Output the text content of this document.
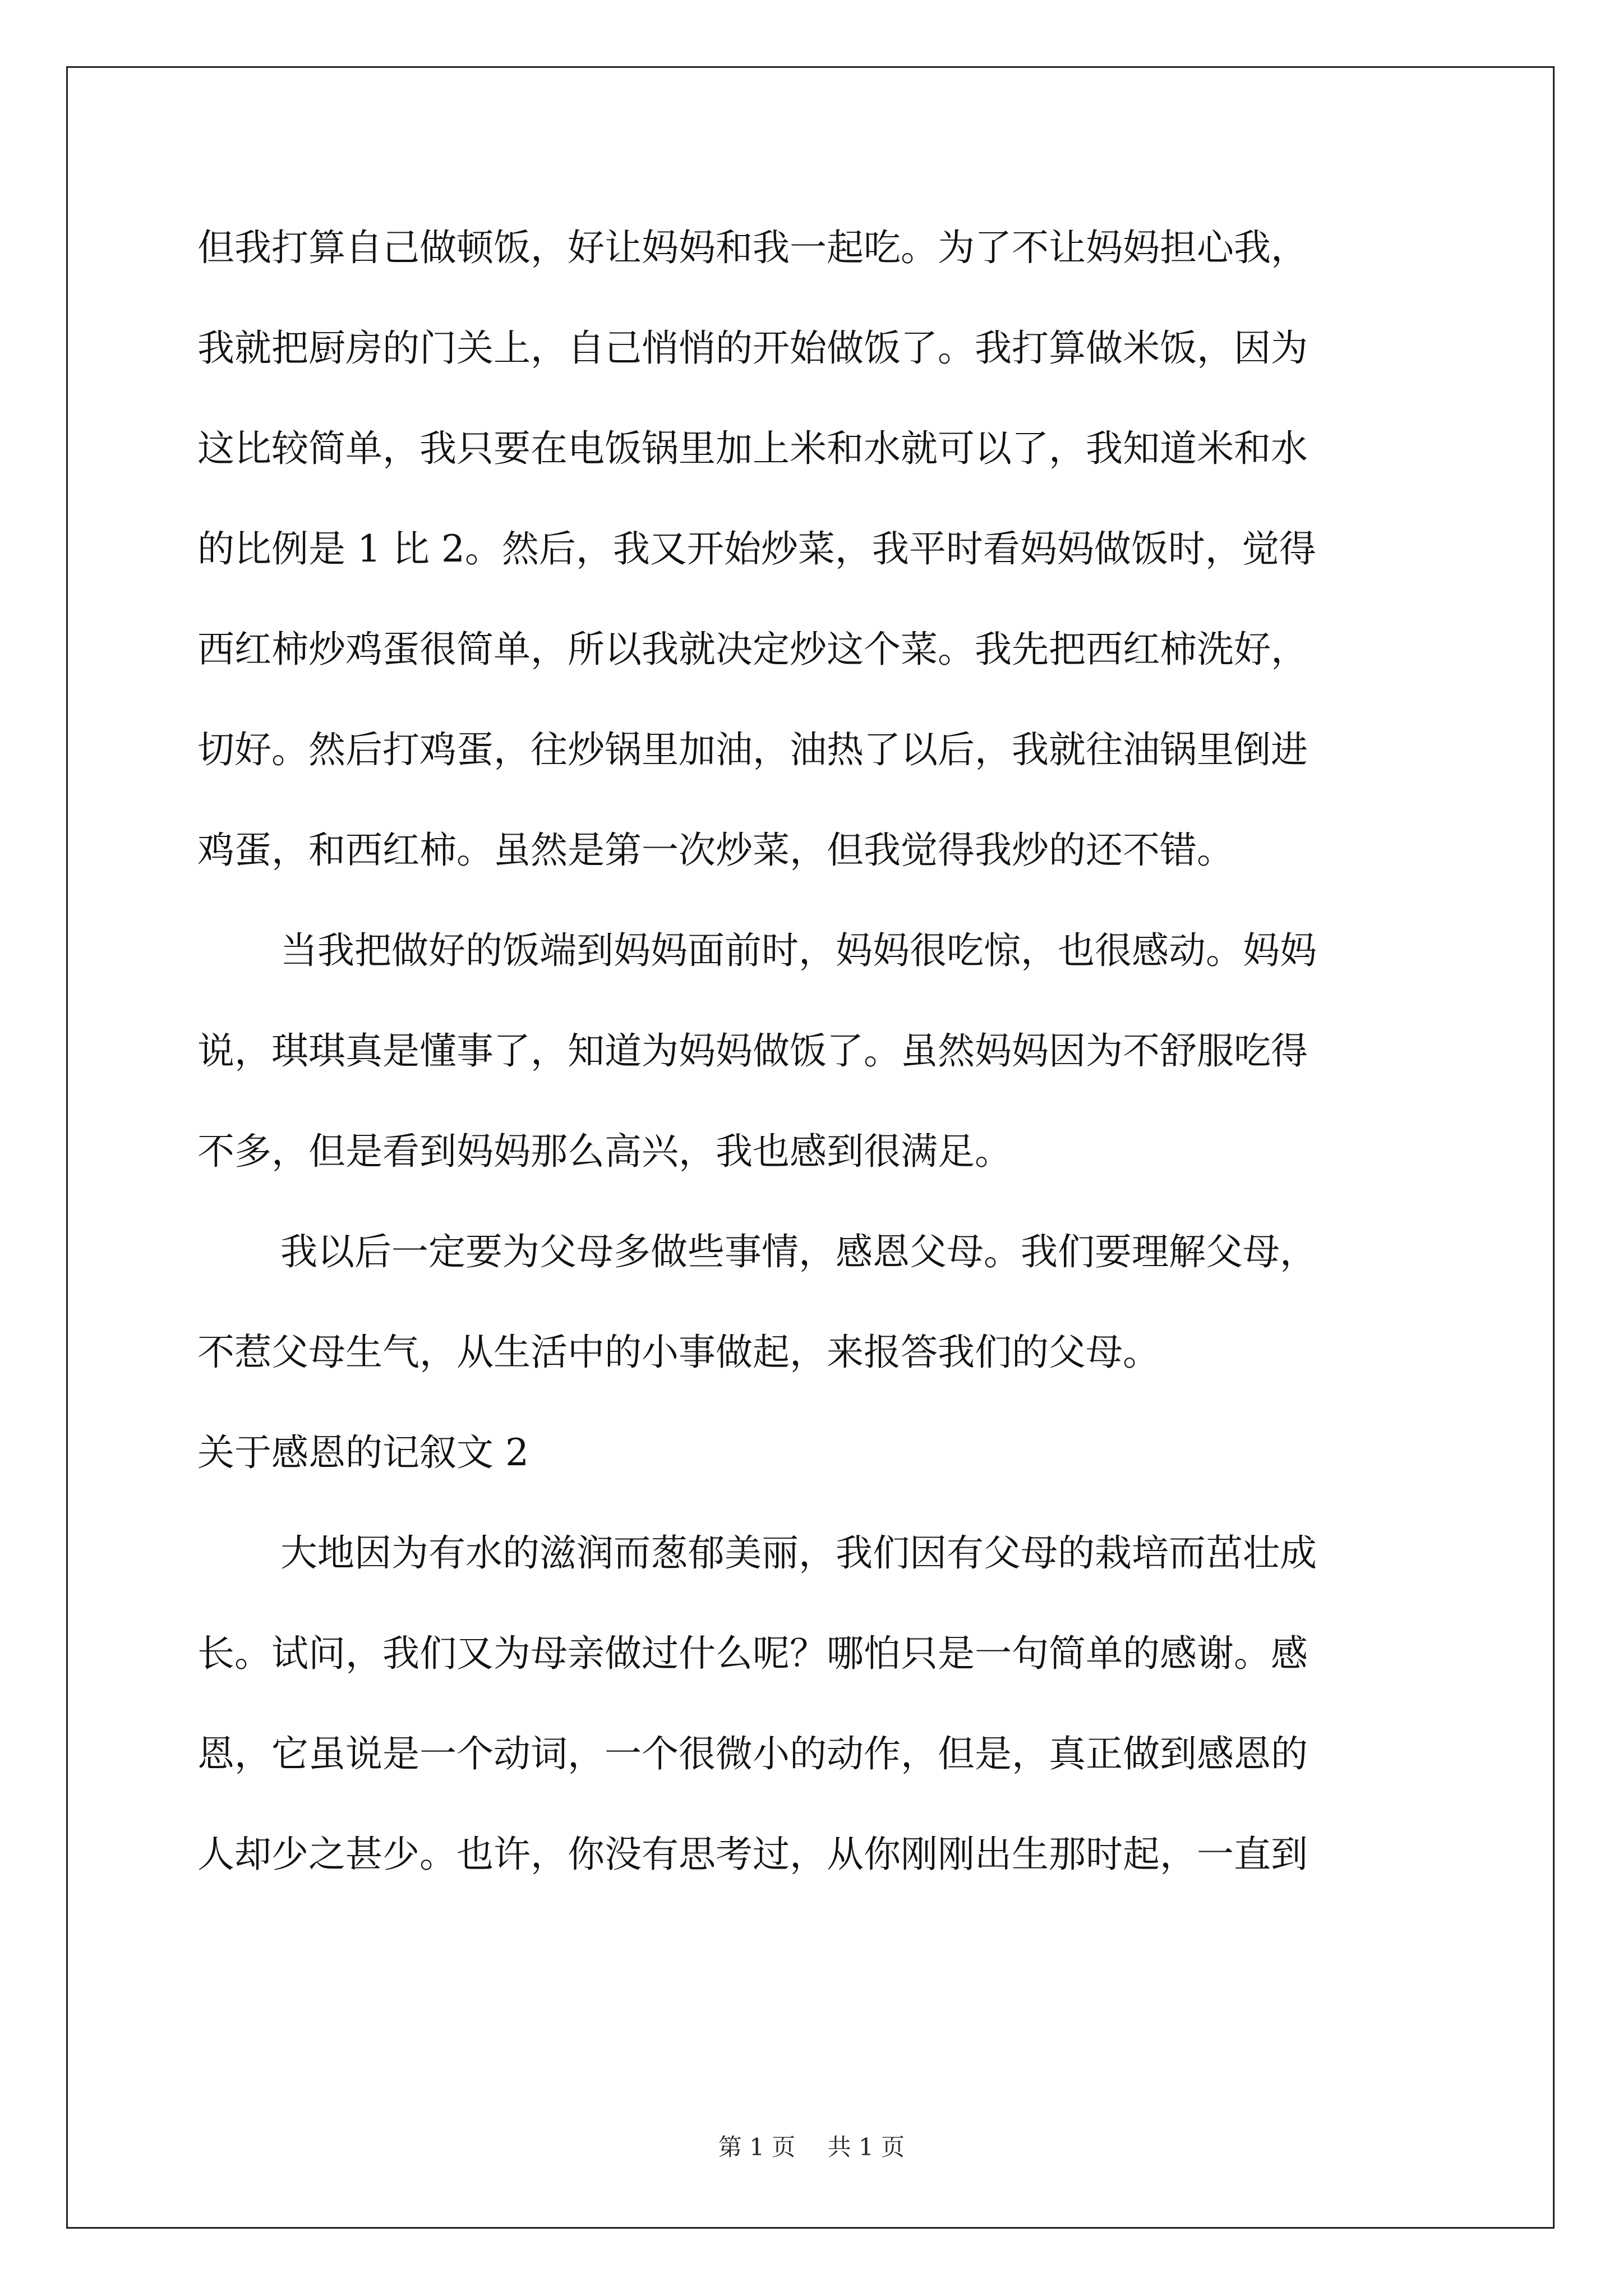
但我打算自己做顿饭，好让妈妈和我一起吃。为了不让妈妈担心我，
我就把厨房的门关上，自己悄悄的开始做饭了。我打算做米饭，因为
这比较简单，我只要在电饭锅里加上米和水就可以了，我知道米和水
的比例是 1 比 2。然后，我又开始炒菜，我平时看妈妈做饭时，觉得
西红柿炒鸡蛋很简单，所以我就决定炒这个菜。我先把西红柿洗好，
切好。然后打鸡蛋，往炒锅里加油，油热了以后，我就往油锅里倒进
鸡蛋，和西红柿。虽然是第一次炒菜，但我觉得我炒的还不错。
当我把做好的饭端到妈妈面前时，妈妈很吃惊，也很感动。妈妈
说，琪琪真是懂事了，知道为妈妈做饭了。虽然妈妈因为不舒服吃得
不多，但是看到妈妈那么高兴，我也感到很满足。
我以后一定要为父母多做些事情，感恩父母。我们要理解父母，
不惹父母生气，从生活中的小事做起，来报答我们的父母。
关于感恩的记叙文 2
大地因为有水的滋润而葱郁美丽，我们因有父母的栽培而茁壮成
长。试问，我们又为母亲做过什么呢？哪怕只是一句简单的感谢。感
恩，它虽说是一个动词，一个很微小的动作，但是，真正做到感恩的
人却少之甚少。也许，你没有思考过，从你刚刚出生那时起，一直到
第 1 页 共 1 页
